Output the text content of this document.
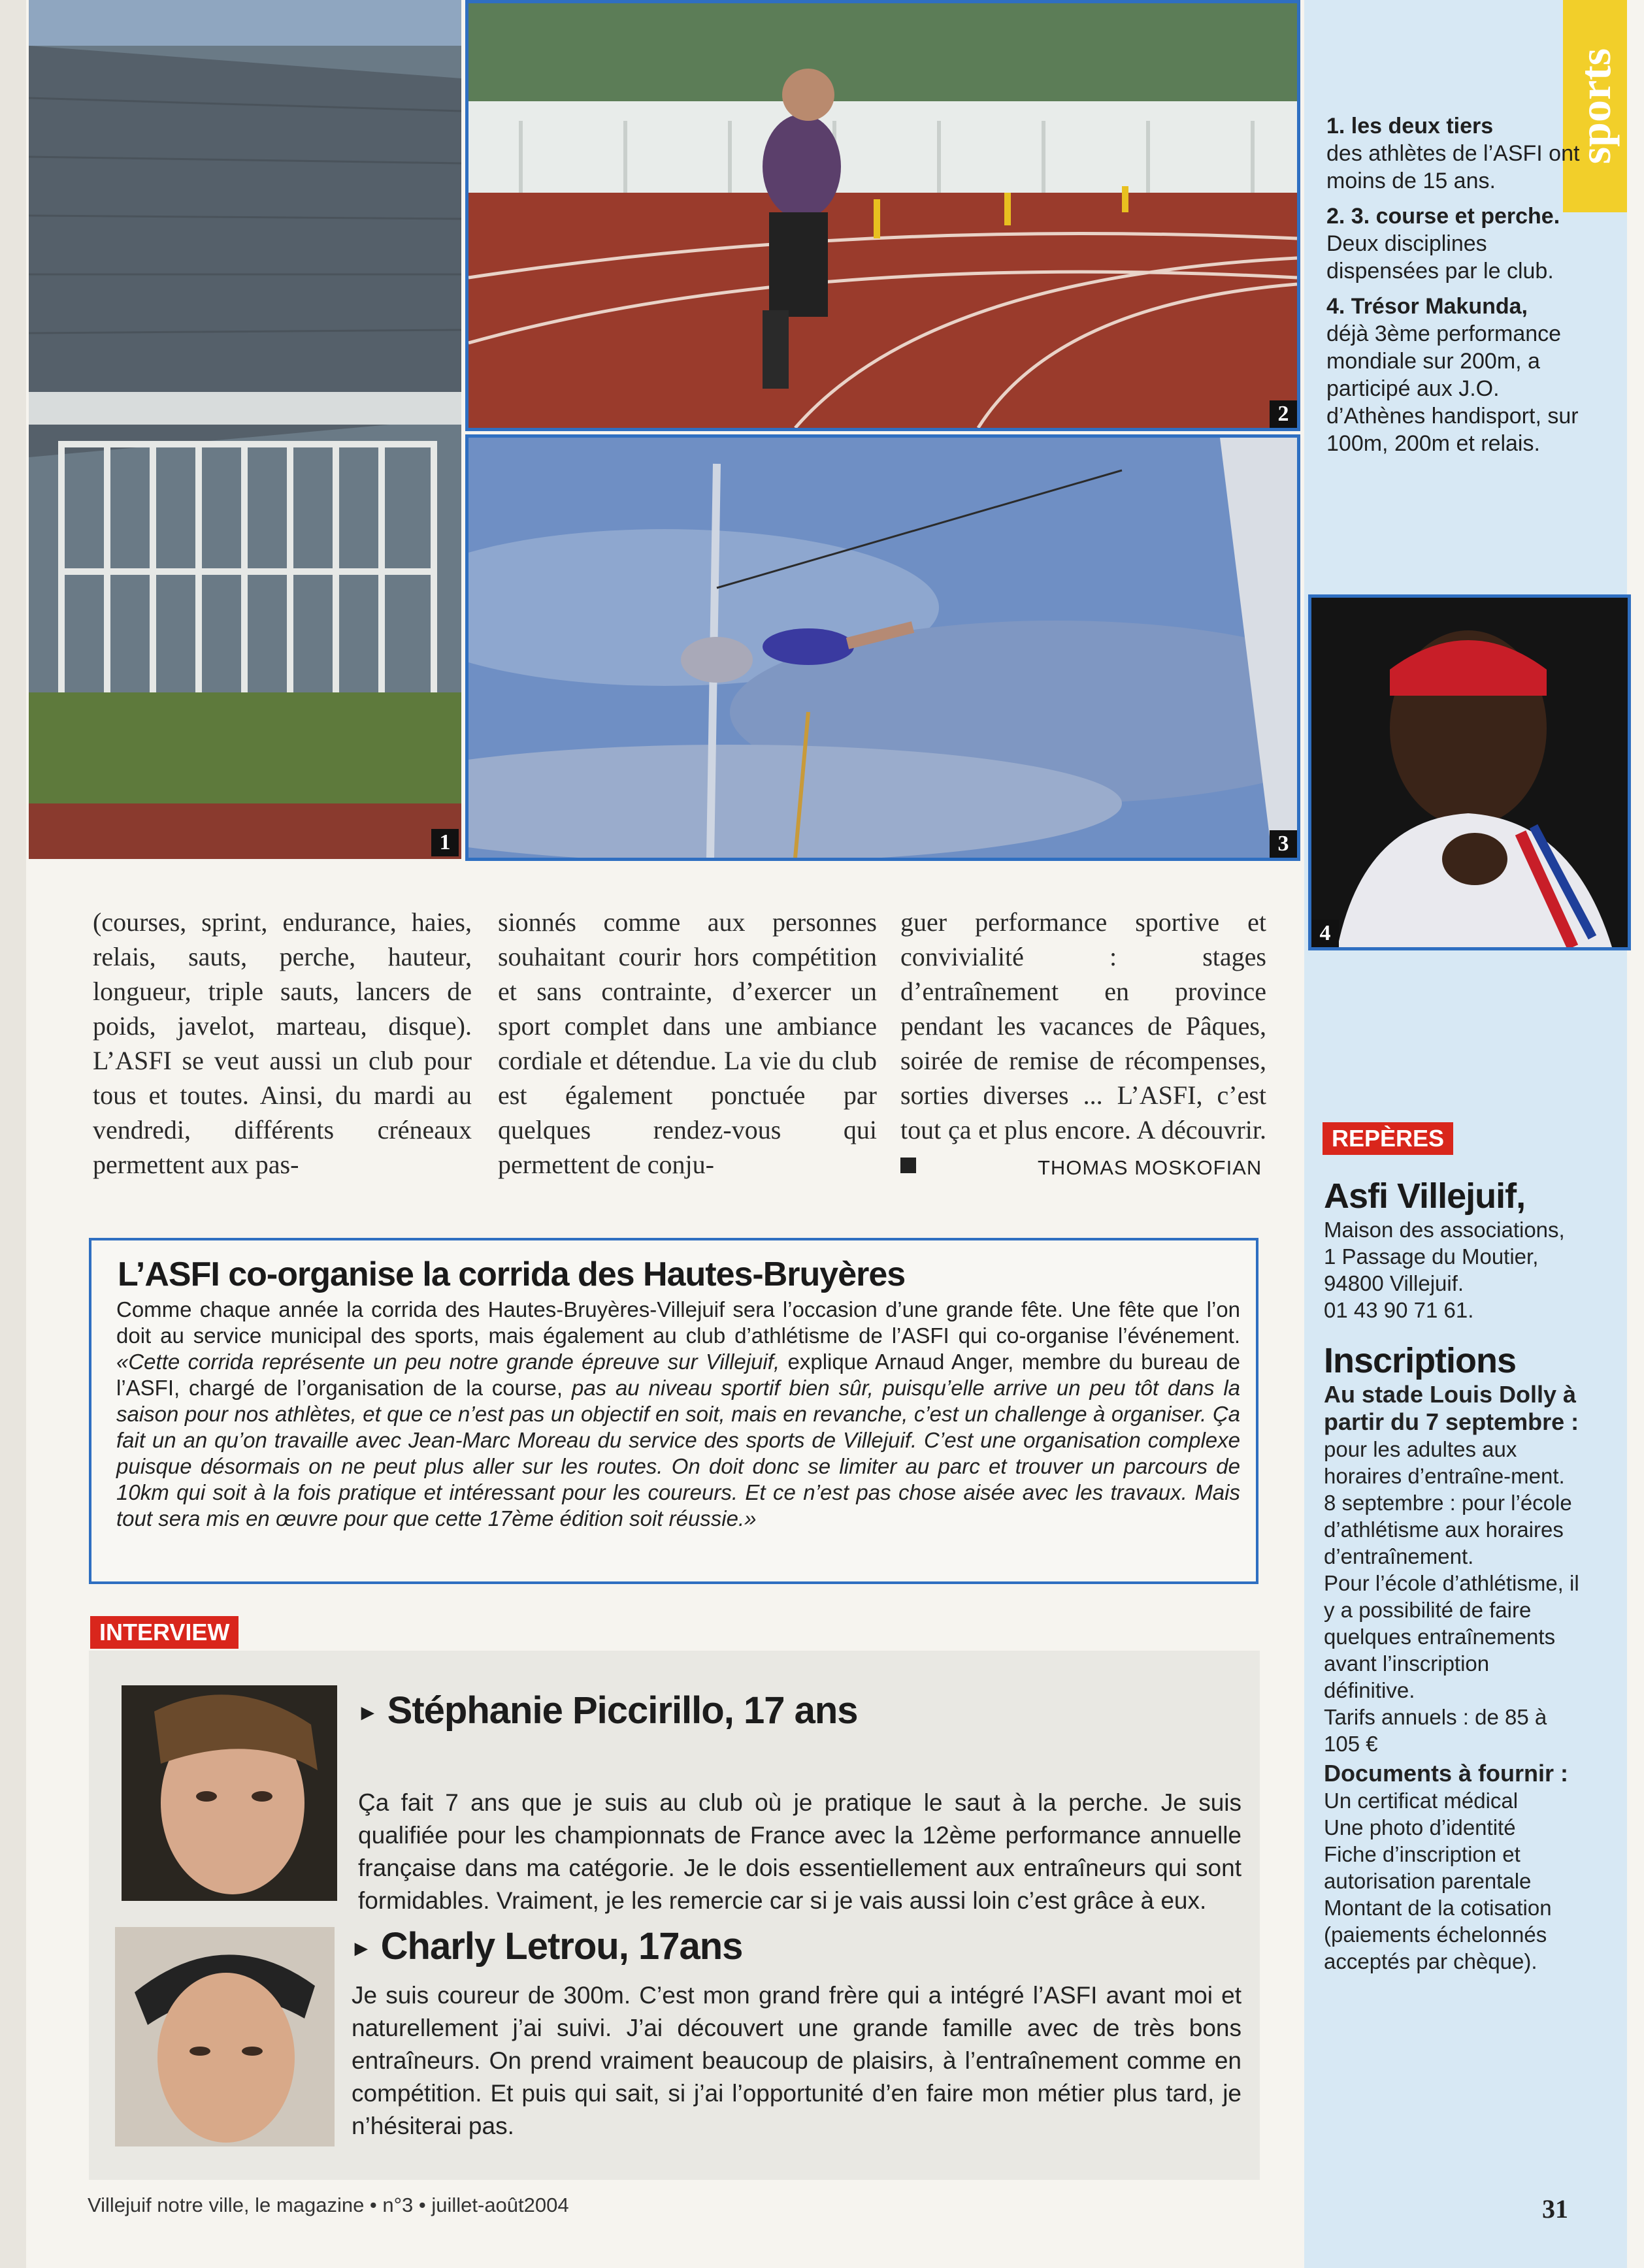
sports
1
2
3
4
1. les deux tiers
des athlètes de l’ASFI ont moins de 15 ans.
2. 3. course et perche.
Deux disciplines dispensées par le club.
4. Trésor Makunda,
déjà 3ème performance mondiale sur 200m, a participé aux J.O. d’Athènes handisport, sur 100m, 200m et relais.
(courses, sprint, endurance, haies, relais, sauts, perche, hauteur, longueur, triple sauts, lancers de poids, javelot, marteau, disque). L’ASFI se veut aussi un club pour tous et toutes. Ainsi, du mardi au vendredi, différents créneaux permettent aux pas-
sionnés comme aux personnes souhaitant courir hors compétition et sans contrainte, d’exercer un sport complet dans une ambiance cordiale et détendue. La vie du club est également ponctuée par quelques rendez-vous qui permettent de conju-
guer performance sportive et convivialité : stages d’entraînement en province pendant les vacances de Pâques, soirée de remise de récompenses, sorties diverses ... L’ASFI, c’est tout ça et plus encore. A découvrir.
THOMAS MOSKOFIAN
L’ASFI co-organise la corrida des Hautes-Bruyères
Comme chaque année la corrida des Hautes-Bruyères-Villejuif sera l’occasion d’une grande fête. Une fête que l’on doit au service municipal des sports, mais également au club d’athlétisme de l’ASFI qui co-organise l’événement. «Cette corrida représente un peu notre grande épreuve sur Villejuif, explique Arnaud Anger, membre du bureau de l’ASFI, chargé de l’organisation de la course, pas au niveau sportif bien sûr, puisqu’elle arrive un peu tôt dans la saison pour nos athlètes, et que ce n’est pas un objectif en soit, mais en revanche, c’est un challenge à organiser. Ça fait un an qu’on travaille avec Jean-Marc Moreau du service des sports de Villejuif. C’est une organisation complexe puisque désormais on ne peut plus aller sur les routes. On doit donc se limiter au parc et trouver un parcours de 10km qui soit à la fois pratique et intéressant pour les coureurs. Et ce n’est pas chose aisée avec les travaux. Mais tout sera mis en œuvre pour que cette 17ème édition soit réussie.»
INTERVIEW
► Stéphanie Piccirillo, 17 ans
Ça fait 7 ans que je suis au club où je pratique le saut à la perche. Je suis qualifiée pour les championnats de France avec la 12ème performance annuelle française dans ma catégorie. Je le dois essentiellement aux entraîneurs qui sont formidables. Vraiment, je les remercie car si je vais aussi loin c’est grâce à eux.
► Charly Letrou, 17ans
Je suis coureur de 300m. C’est mon grand frère qui a intégré l’ASFI avant moi et naturellement j’ai suivi. J’ai découvert une grande famille avec de très bons entraîneurs. On prend vraiment beaucoup de plaisirs, à l’entraînement comme en compétition. Et puis qui sait, si j’ai l’opportunité d’en faire mon métier plus tard, je n’hésiterai pas.
REPÈRES
Asfi Villejuif,
Maison des associations,
1 Passage du Moutier,
94800 Villejuif.
01 43 90 71 61.
Inscriptions
Au stade Louis Dolly à partir du 7 septembre : pour les adultes aux horaires d’entraîne-ment.
8 septembre : pour l’école d’athlétisme aux horaires d’entraînement.
Pour l’école d’athlétisme, il y a possibilité de faire quelques entraînements avant l’inscription définitive.
Tarifs annuels : de 85 à 105 €
Documents à fournir :
Un certificat médical
Une photo d’identité
Fiche d’inscription et autorisation parentale
Montant de la cotisation (paiements échelonnés acceptés par chèque).
Villejuif notre ville, le magazine • n°3 • juillet-août2004	31
